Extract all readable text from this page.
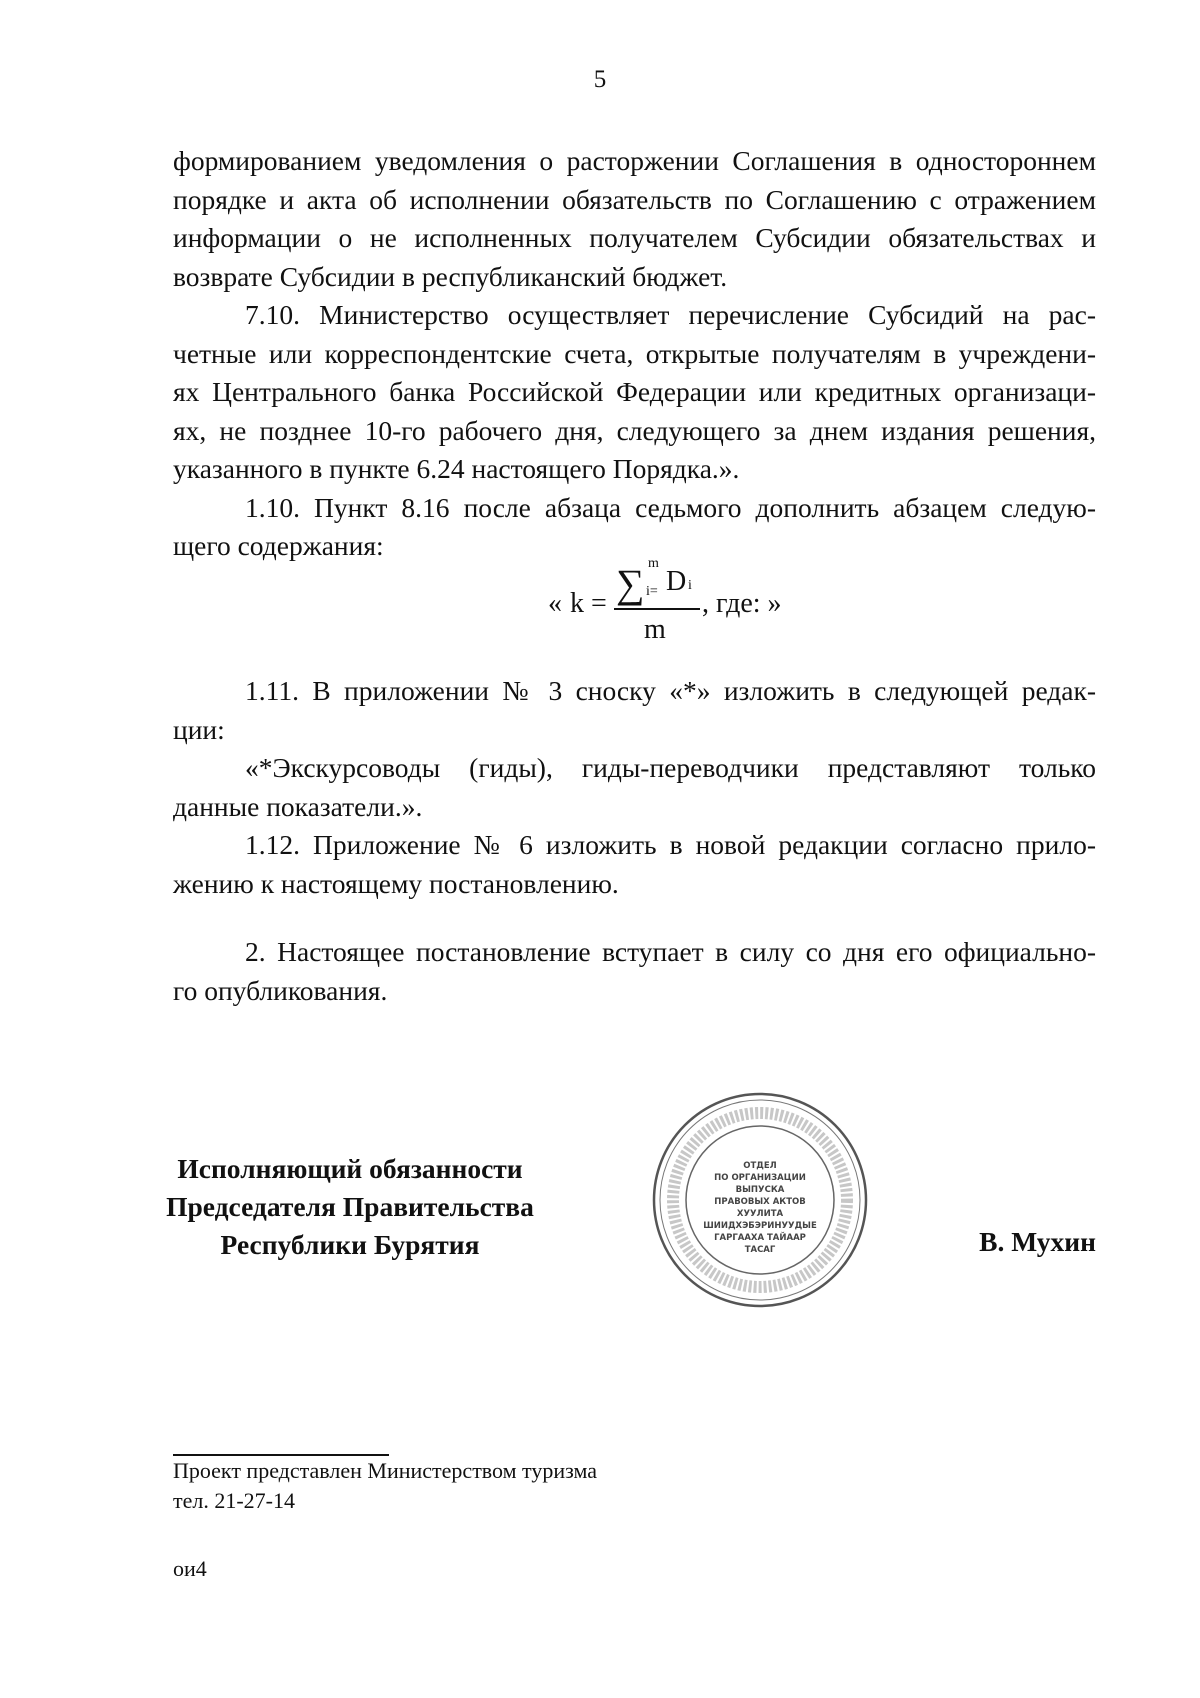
5

формированием уведомления о расторжении Соглашения в одностороннем
порядке и акта об исполнении обязательств по Соглашению с отражением
информации о не исполненных получателем Субсидии обязательствах и
возврате Субсидии в республиканский бюджет.

7.10. Министерство осуществляет перечисление Субсидий на рас-
четные или корреспондентские счета, открытые получателям в учреждени-
ях Центрального банка Российской Федерации или кредитных организаци-
ях, не позднее 10-го рабочего дня, следующего за днем издания решения,
указанного в пункте 6.24 настоящего Порядка.».

1.10. Пункт 8.16 после абзаца седьмого дополнить абзацем следую-
щего содержания:

« k = ∑ m
i= D i
m
, где: »

1.11. В приложении № 3 сноску «*» изложить в следующей редак-
ции:

«*Экскурсоводы (гиды), гиды-переводчики представляют только
данные показатели.».

1.12. Приложение № 6 изложить в новой редакции согласно прило-
жению к настоящему постановлению.

2. Настоящее постановление вступает в силу со дня его официально-
го опубликования.

Исполняющий обязанности
Председателя Правительства
Республики Бурятия
ОТДЕЛ
ПО ОРГАНИЗАЦИИ
ВЫПУСКА
ПРАВОВЫХ АКТОВ
ХУУЛИТА
ШИИДХЭБЭРИНУУДЫЕ
ГАРГААХА ТАЙААР
ТАСАГ	В. Мухин
Проект представлен Министерством туризма
тел. 21-27-14
ои4
